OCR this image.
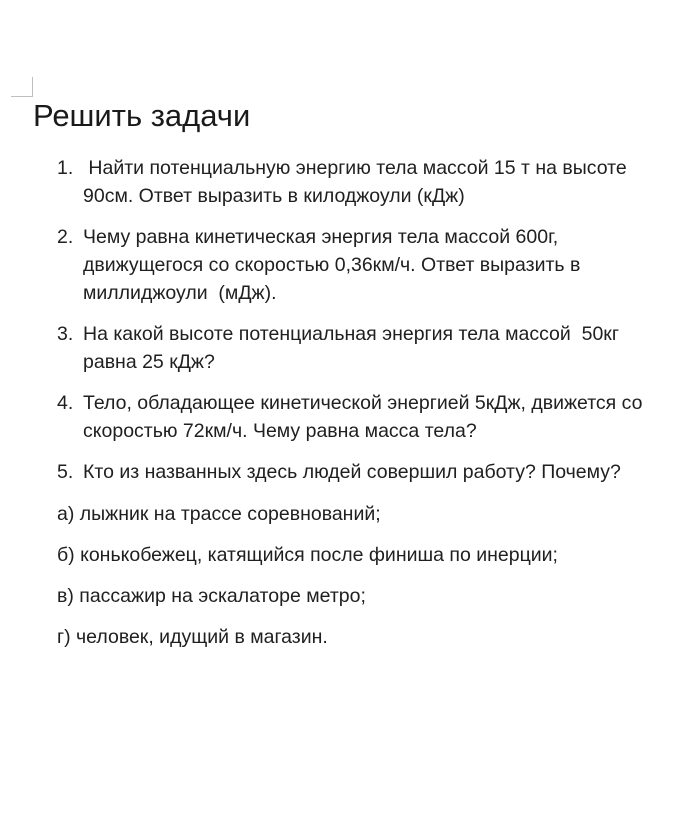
Решить задачи
1. Найти потенциальную энергию тела массой 15 т на высоте
90см. Ответ выразить в килоджоули (кДж)
2. Чему равна кинетическая энергия тела массой 600г,
движущегося со скоростью 0,36км/ч. Ответ выразить в
миллиджоули  (мДж).
3. На какой высоте потенциальная энергия тела массой  50кг
равна 25 кДж?
4. Тело, обладающее кинетической энергией 5кДж, движется со
скоростью 72км/ч. Чему равна масса тела?
5. Кто из названных здесь людей совершил работу? Почему?
а) лыжник на трассе соревнований;
б) конькобежец, катящийся после финиша по инерции;
в) пассажир на эскалаторе метро;
г) человек, идущий в магазин.
